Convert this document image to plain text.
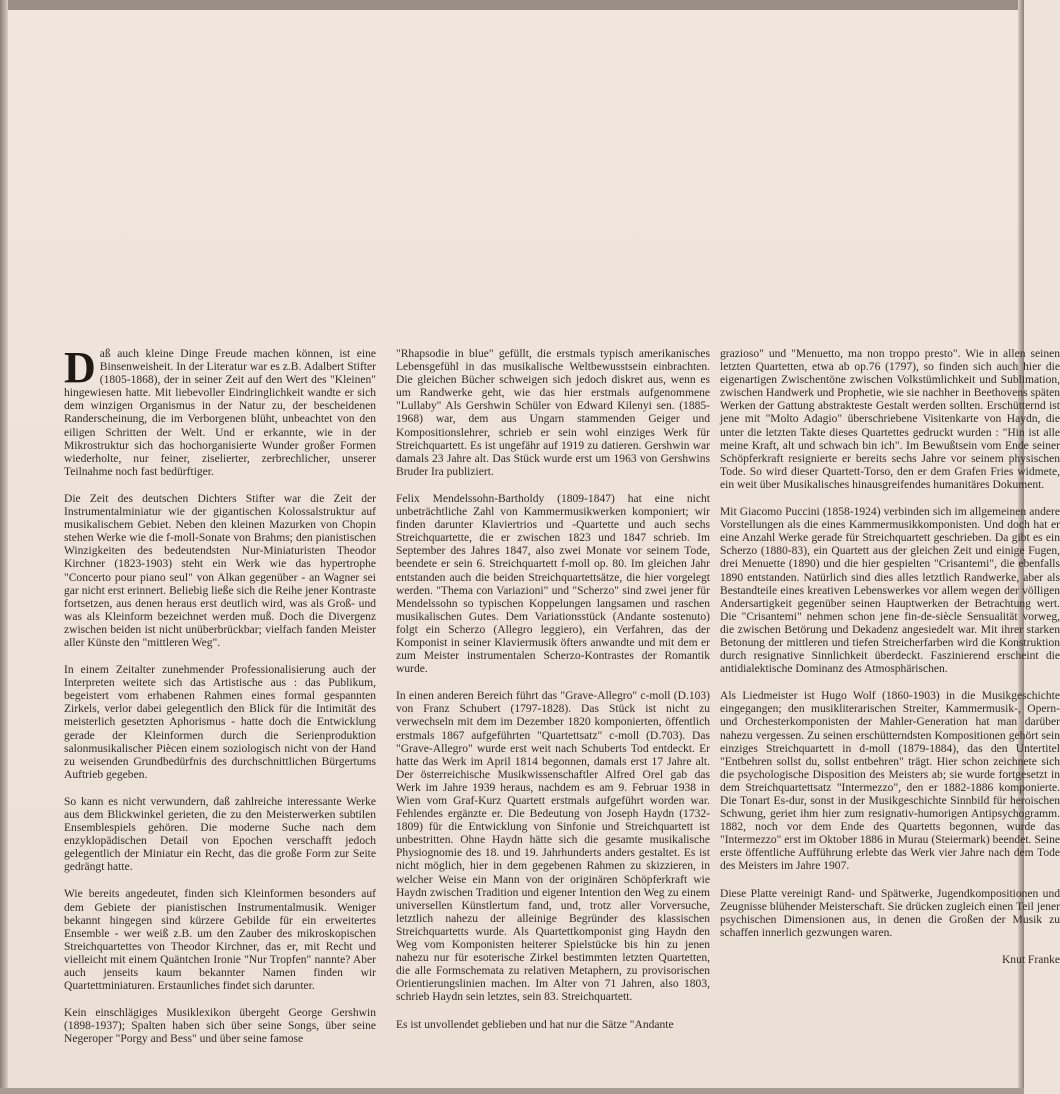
Daß auch kleine Dinge Freude machen können, ist eine Binsenweisheit. In der Literatur war es z.B. Adalbert Stifter (1805-1868), der in seiner Zeit auf den Wert des "Kleinen" hingewiesen hatte. Mit liebevoller Eindringlichkeit wandte er sich dem winzigen Organismus in der Natur zu, der bescheidenen Randerscheinung, die im Verborgenen blüht, unbeachtet von den eiligen Schritten der Welt. Und er erkannte, wie in der Mikrostruktur sich das hochorganisierte Wunder großer Formen wiederholte, nur feiner, ziselierter, zerbrechlicher, unserer Teilnahme noch fast bedürftiger.

Die Zeit des deutschen Dichters Stifter war die Zeit der Instrumentalminiatur wie der gigantischen Kolossalstruktur auf musikalischem Gebiet. Neben den kleinen Mazurken von Chopin stehen Werke wie die f-moll-Sonate von Brahms; den pianistischen Winzigkeiten des bedeutendsten Nur-Miniaturisten Theodor Kirchner (1823-1903) steht ein Werk wie das hypertrophe "Concerto pour piano seul" von Alkan gegenüber - an Wagner sei gar nicht erst erinnert. Beliebig ließe sich die Reihe jener Kontraste fortsetzen, aus denen heraus erst deutlich wird, was als Groß- und was als Kleinform bezeichnet werden muß. Doch die Divergenz zwischen beiden ist nicht unüberbrückbar; vielfach fanden Meister aller Künste den "mittleren Weg".

In einem Zeitalter zunehmender Professionalisierung auch der Interpreten weitete sich das Artistische aus : das Publikum, begeistert vom erhabenen Rahmen eines formal gespannten Zirkels, verlor dabei gelegentlich den Blick für die Intimität des meisterlich gesetzten Aphorismus - hatte doch die Entwicklung gerade der Kleinformen durch die Serienproduktion salonmusikalischer Piècen einem soziologisch nicht von der Hand zu weisenden Grundbedürfnis des durchschnittlichen Bürgertums Auftrieb gegeben.

So kann es nicht verwundern, daß zahlreiche interessante Werke aus dem Blickwinkel gerieten, die zu den Meisterwerken subtilen Ensemblespiels gehören. Die moderne Suche nach dem enzyklopädischen Detail von Epochen verschafft jedoch gelegentlich der Miniatur ein Recht, das die große Form zur Seite gedrängt hatte.

Wie bereits angedeutet, finden sich Kleinformen besonders auf dem Gebiete der pianistischen Instrumentalmusik. Weniger bekannt hingegen sind kürzere Gebilde für ein erweitertes Ensemble - wer weiß z.B. um den Zauber des mikroskopischen Streichquartettes von Theodor Kirchner, das er, mit Recht und vielleicht mit einem Quäntchen Ironie "Nur Tropfen" nannte? Aber auch jenseits kaum bekannter Namen finden wir Quartettminiaturen. Erstaunliches findet sich darunter.

Kein einschlägiges Musiklexikon übergeht George Gershwin (1898-1937); Spalten haben sich über seine Songs, über seine Negeroper "Porgy and Bess" und über seine famose

"Rhapsodie in blue" gefüllt, die erstmals typisch amerikanisches Lebensgefühl in das musikalische Weltbewusstsein einbrachten. Die gleichen Bücher schweigen sich jedoch diskret aus, wenn es um Randwerke geht, wie das hier erstmals aufgenommene "Lullaby" Als Gershwin Schüler von Edward Kilenyi sen. (1885-1968) war, dem aus Ungarn stammenden Geiger und Kompositionslehrer, schrieb er sein wohl einziges Werk für Streichquartett. Es ist ungefähr auf 1919 zu datieren. Gershwin war damals 23 Jahre alt. Das Stück wurde erst um 1963 von Gershwins Bruder Ira publiziert.

Felix Mendelssohn-Bartholdy (1809-1847) hat eine nicht unbeträchtliche Zahl von Kammermusikwerken komponiert; wir finden darunter Klaviertrios und -Quartette und auch sechs Streichquartette, die er zwischen 1823 und 1847 schrieb. Im September des Jahres 1847, also zwei Monate vor seinem Tode, beendete er sein 6. Streichquartett f-moll op. 80. Im gleichen Jahr entstanden auch die beiden Streichquartettsätze, die hier vorgelegt werden. "Thema con Variazioni" und "Scherzo" sind zwei jener für Mendelssohn so typischen Koppelungen langsamen und raschen musikalischen Gutes. Dem Variationsstück (Andante sostenuto) folgt ein Scherzo (Allegro leggiero), ein Verfahren, das der Komponist in seiner Klaviermusik öfters anwandte und mit dem er zum Meister instrumentalen Scherzo-Kontrastes der Romantik wurde.

In einen anderen Bereich führt das "Grave-Allegro" c-moll (D.103) von Franz Schubert (1797-1828). Das Stück ist nicht zu verwechseln mit dem im Dezember 1820 komponierten, öffentlich erstmals 1867 aufgeführten "Quartettsatz" c-moll (D.703). Das "Grave-Allegro" wurde erst weit nach Schuberts Tod entdeckt. Er hatte das Werk im April 1814 begonnen, damals erst 17 Jahre alt. Der österreichische Musikwissenschaftler Alfred Orel gab das Werk im Jahre 1939 heraus, nachdem es am 9. Februar 1938 in Wien vom Graf-Kurz Quartett erstmals aufgeführt worden war. Fehlendes ergänzte er. Die Bedeutung von Joseph Haydn (1732-1809) für die Entwicklung von Sinfonie und Streichquartett ist unbestritten. Ohne Haydn hätte sich die gesamte musikalische Physiognomie des 18. und 19. Jahrhunderts anders gestaltet. Es ist nicht möglich, hier in dem gegebenen Rahmen zu skizzieren, in welcher Weise ein Mann von der originären Schöpferkraft wie Haydn zwischen Tradition und eigener Intention den Weg zu einem universellen Künstlertum fand, und, trotz aller Vorversuche, letztlich nahezu der alleinige Begründer des klassischen Streichquartetts wurde. Als Quartettkomponist ging Haydn den Weg vom Komponisten heiterer Spielstücke bis hin zu jenen nahezu nur für esoterische Zirkel bestimmten letzten Quartetten, die alle Formschemata zu relativen Metaphern, zu provisorischen Orientierungslinien machen. Im Alter von 71 Jahren, also 1803, schrieb Haydn sein letztes, sein 83. Streichquartett.

Es ist unvollendet geblieben und hat nur die Sätze "Andante

grazioso" und "Menuetto, ma non troppo presto". Wie in allen seinen letzten Quartetten, etwa ab op.76 (1797), so finden sich auch hier die eigenartigen Zwischentöne zwischen Volkstümlichkeit und Sublimation, zwischen Handwerk und Prophetie, wie sie nachher in Beethovens späten Werken der Gattung abstrakteste Gestalt werden sollten. Erschütternd ist jene mit "Molto Adagio" überschriebene Visitenkarte von Haydn, die unter die letzten Takte dieses Quartettes gedruckt wurden : "Hin ist alle meine Kraft, alt und schwach bin ich". Im Bewußtsein vom Ende seiner Schöpferkraft resignierte er bereits sechs Jahre vor seinem physischen Tode. So wird dieser Quartett-Torso, den er dem Grafen Fries widmete, ein weit über Musikalisches hinausgreifendes humanitäres Dokument.

Mit Giacomo Puccini (1858-1924) verbinden sich im allgemeinen andere Vorstellungen als die eines Kammermusikkomponisten. Und doch hat er eine Anzahl Werke gerade für Streichquartett geschrieben. Da gibt es ein Scherzo (1880-83), ein Quartett aus der gleichen Zeit und einige Fugen, drei Menuette (1890) und die hier gespielten "Crisantemi", die ebenfalls 1890 entstanden. Natürlich sind dies alles letztlich Randwerke, aber als Bestandteile eines kreativen Lebenswerkes vor allem wegen der völligen Andersartigkeit gegenüber seinen Hauptwerken der Betrachtung wert. Die "Crisantemi" nehmen schon jene fin-de-siècle Sensualität vorweg, die zwischen Betörung und Dekadenz angesiedelt war. Mit ihrer starken Betonung der mittleren und tiefen Streicherfarben wird die Konstruktion durch resignative Sinnlichkeit überdeckt. Faszinierend erscheint die antidialektische Dominanz des Atmosphärischen.

Als Liedmeister ist Hugo Wolf (1860-1903) in die Musikgeschichte eingegangen; den musikliterarischen Streiter, Kammermusik-, Opern- und Orchesterkomponisten der Mahler-Generation hat man darüber nahezu vergessen. Zu seinen erschütterndsten Kompositionen gehört sein einziges Streichquartett in d-moll (1879-1884), das den Untertitel "Entbehren sollst du, sollst entbehren" trägt. Hier schon zeichnete sich die psychologische Disposition des Meisters ab; sie wurde fortgesetzt in dem Streichquartettsatz "Intermezzo", den er 1882-1886 komponierte. Die Tonart Es-dur, sonst in der Musikgeschichte Sinnbild für heroischen Schwung, geriet ihm hier zum resignativ-humorigen Antipsychogramm. 1882, noch vor dem Ende des Quartetts begonnen, wurde das "Intermezzo" erst im Oktober 1886 in Murau (Steiermark) beendet. Seine erste öffentliche Aufführung erlebte das Werk vier Jahre nach dem Tode des Meisters im Jahre 1907.

Diese Platte vereinigt Rand- und Spätwerke, Jugendkompositionen und Zeugnisse blühender Meisterschaft. Sie drücken zugleich einen Teil jener psychischen Dimensionen aus, in denen die Großen der Musik zu schaffen innerlich gezwungen waren.

Knut Franke
